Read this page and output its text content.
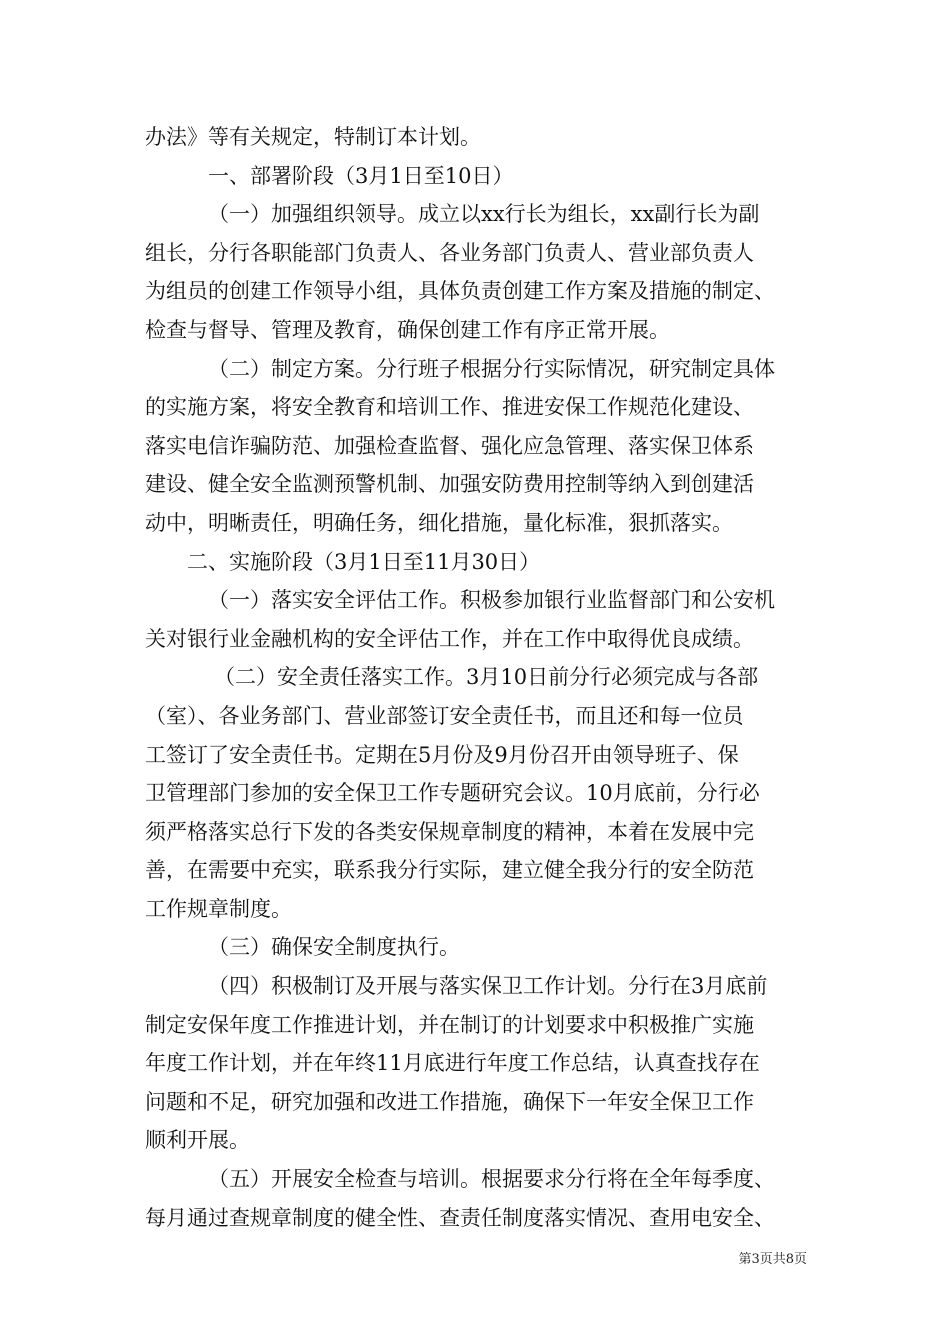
办法》等有关规定，特制订本计划。
一、部署阶段（3月1日至10日）
（一）加强组织领导。成立以xx行长为组长，xx副行长为副
组长，分行各职能部门负责人、各业务部门负责人、营业部负责人
为组员的创建工作领导小组，具体负责创建工作方案及措施的制定、
检查与督导、管理及教育，确保创建工作有序正常开展。
（二）制定方案。分行班子根据分行实际情况，研究制定具体
的实施方案，将安全教育和培训工作、推进安保工作规范化建设、
落实电信诈骗防范、加强检查监督、强化应急管理、落实保卫体系
建设、健全安全监测预警机制、加强安防费用控制等纳入到创建活
动中，明晰责任，明确任务，细化措施，量化标准，狠抓落实。
二、实施阶段（3月1日至11月30日）
（一）落实安全评估工作。积极参加银行业监督部门和公安机
关对银行业金融机构的安全评估工作，并在工作中取得优良成绩。
（二）安全责任落实工作。3月10日前分行必须完成与各部
（室）、各业务部门、营业部签订安全责任书，而且还和每一位员
工签订了安全责任书。定期在5月份及9月份召开由领导班子、保
卫管理部门参加的安全保卫工作专题研究会议。10月底前，分行必
须严格落实总行下发的各类安保规章制度的精神，本着在发展中完
善，在需要中充实，联系我分行实际，建立健全我分行的安全防范
工作规章制度。
（三）确保安全制度执行。
（四）积极制订及开展与落实保卫工作计划。分行在3月底前
制定安保年度工作推进计划，并在制订的计划要求中积极推广实施
年度工作计划，并在年终11月底进行年度工作总结，认真查找存在
问题和不足，研究加强和改进工作措施，确保下一年安全保卫工作
顺利开展。
（五）开展安全检查与培训。根据要求分行将在全年每季度、
每月通过查规章制度的健全性、查责任制度落实情况、查用电安全、
第3页共8页
